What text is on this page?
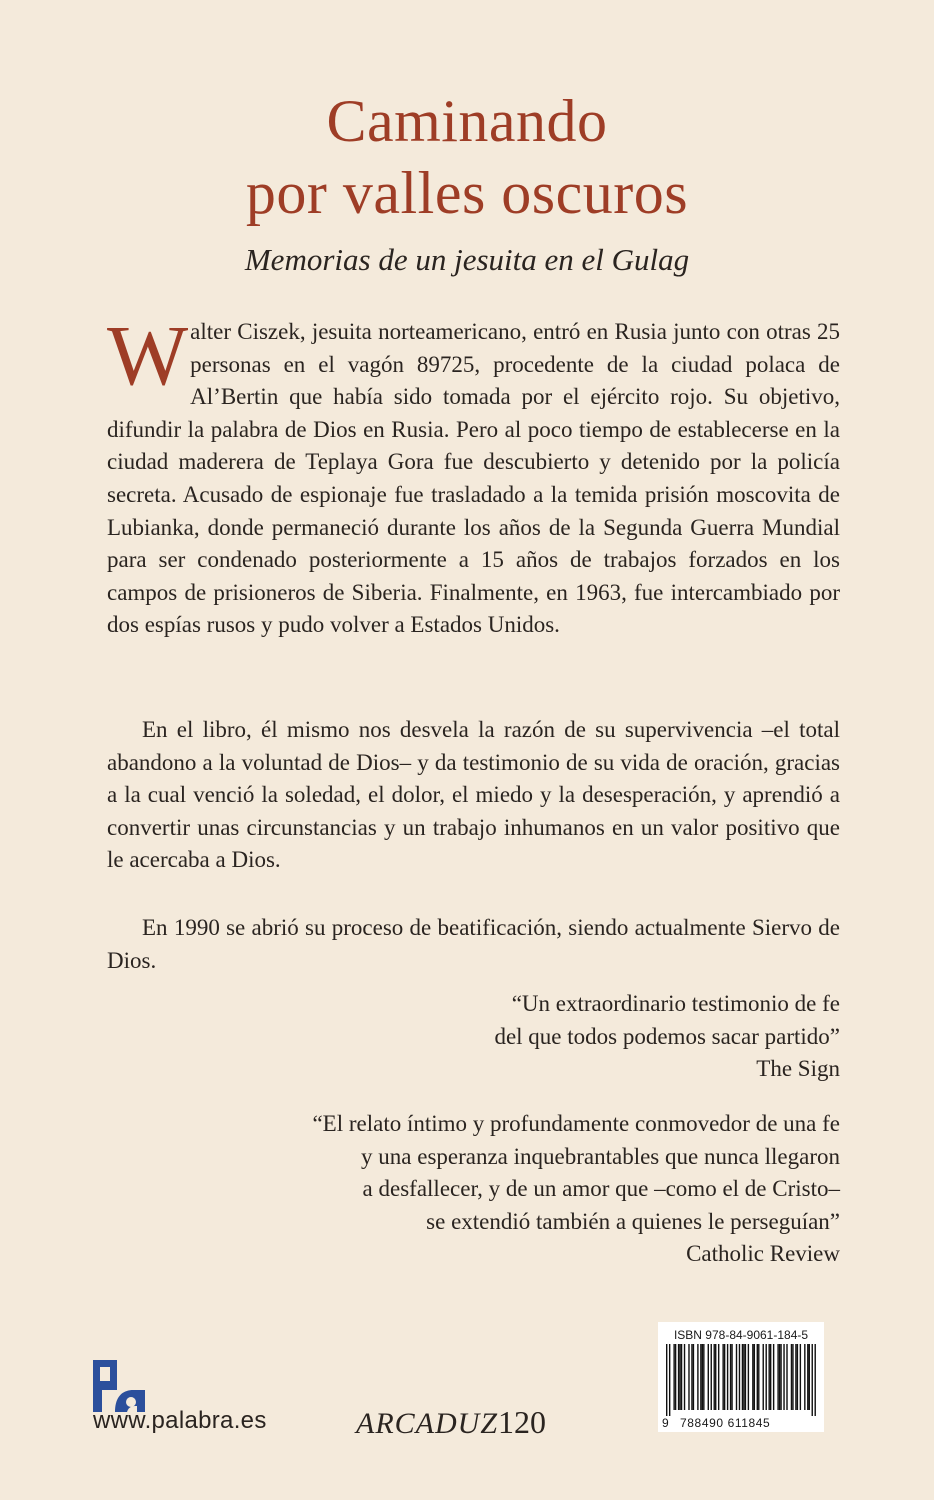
Caminando
por valles oscuros
Memorias de un jesuita en el Gulag

Walter Ciszek, jesuita norteamericano, entró en Rusia junto con otras 25 personas en el vagón 89725, procedente de la ciudad polaca de Al’Bertin que había sido tomada por el ejército rojo. Su objetivo, difundir la palabra de Dios en Rusia. Pero al poco tiempo de establecerse en la ciudad maderera de Teplaya Gora fue descubierto y detenido por la policía secreta. Acusado de espionaje fue trasladado a la temida prisión moscovita de Lubianka, donde permaneció durante los años de la Segunda Guerra Mundial para ser condenado posteriormente a 15 años de trabajos forzados en los campos de prisioneros de Siberia. Finalmente, en 1963, fue intercambiado por dos espías rusos y pudo volver a Estados Unidos.

En el libro, él mismo nos desvela la razón de su supervivencia –el total abandono a la voluntad de Dios– y da testimonio de su vida de oración, gracias a la cual venció la soledad, el dolor, el miedo y la desesperación, y aprendió a convertir unas circunstancias y un trabajo inhumanos en un valor positivo que le acercaba a Dios.

En 1990 se abrió su proceso de beatificación, siendo actualmente Siervo de Dios.

“Un extraordinario testimonio de fe
del que todos podemos sacar partido”
The Sign
“El relato íntimo y profundamente conmovedor de una fe
y una esperanza inquebrantables que nunca llegaron
a desfallecer, y de un amor que –como el de Cristo–
se extendió también a quienes le perseguían”
Catholic Review
www.palabra.es	ARCADUZ120
ISBN 978-84-9061-184-5
9 788490 611845
